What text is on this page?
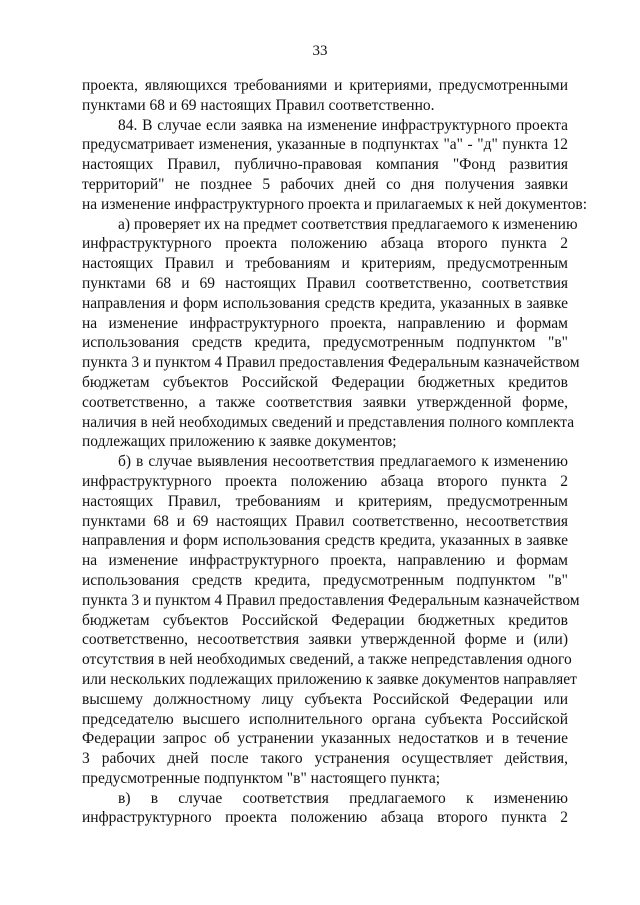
33
проекта, являющихся требованиями и критериями, предусмотренными
пунктами 68 и 69 настоящих Правил соответственно.
84. В случае если заявка на изменение инфраструктурного проекта
предусматривает изменения, указанные в подпунктах "а" - "д" пункта 12
настоящих Правил, публично-правовая компания "Фонд развития
территорий" не позднее 5 рабочих дней со дня получения заявки
на изменение инфраструктурного проекта и прилагаемых к ней документов:
а) проверяет их на предмет соответствия предлагаемого к изменению
инфраструктурного проекта положению абзаца второго пункта 2
настоящих Правил и требованиям и критериям, предусмотренным
пунктами 68 и 69 настоящих Правил соответственно, соответствия
направления и форм использования средств кредита, указанных в заявке
на изменение инфраструктурного проекта, направлению и формам
использования средств кредита, предусмотренным подпунктом "в"
пункта 3 и пунктом 4 Правил предоставления Федеральным казначейством
бюджетам субъектов Российской Федерации бюджетных кредитов
соответственно, а также соответствия заявки утвержденной форме,
наличия в ней необходимых сведений и представления полного комплекта
подлежащих приложению к заявке документов;
б) в случае выявления несоответствия предлагаемого к изменению
инфраструктурного проекта положению абзаца второго пункта 2
настоящих Правил, требованиям и критериям, предусмотренным
пунктами 68 и 69 настоящих Правил соответственно, несоответствия
направления и форм использования средств кредита, указанных в заявке
на изменение инфраструктурного проекта, направлению и формам
использования средств кредита, предусмотренным подпунктом "в"
пункта 3 и пунктом 4 Правил предоставления Федеральным казначейством
бюджетам субъектов Российской Федерации бюджетных кредитов
соответственно, несоответствия заявки утвержденной форме и (или)
отсутствия в ней необходимых сведений, а также непредставления одного
или нескольких подлежащих приложению к заявке документов направляет
высшему должностному лицу субъекта Российской Федерации или
председателю высшего исполнительного органа субъекта Российской
Федерации запрос об устранении указанных недостатков и в течение
3 рабочих дней после такого устранения осуществляет действия,
предусмотренные подпунктом "в" настоящего пункта;
в) в случае соответствия предлагаемого к изменению
инфраструктурного проекта положению абзаца второго пункта 2
